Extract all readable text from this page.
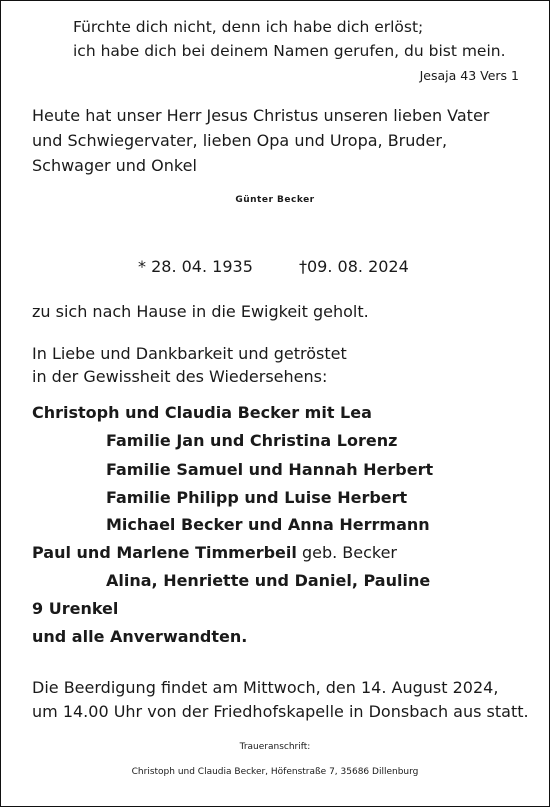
Fürchte dich nicht, denn ich habe dich erlöst;

ich habe dich bei deinem Namen gerufen, du bist mein.

Jesaja 43 Vers 1

Heute hat unser Herr Jesus Christus unseren lieben Vater

und Schwiegervater, lieben Opa und Uropa, Bruder,

Schwager und Onkel

Günter Becker

* 28. 04. 1935	†09. 08. 2024

zu sich nach Hause in die Ewigkeit geholt.

In Liebe und Dankbarkeit und getröstet

in der Gewissheit des Wiedersehens:

Christoph und Claudia Becker mit Lea

Familie Jan und Christina Lorenz

Familie Samuel und Hannah Herbert

Familie Philipp und Luise Herbert

Michael Becker und Anna Herrmann

Paul und Marlene Timmerbeil geb. Becker

Alina, Henriette und Daniel, Pauline

9 Urenkel

und alle Anverwandten.

Die Beerdigung findet am Mittwoch, den 14. August 2024,

um 14.00 Uhr von der Friedhofskapelle in Donsbach aus statt.

Traueranschrift:

Christoph und Claudia Becker, Höfenstraße 7, 35686 Dillenburg
